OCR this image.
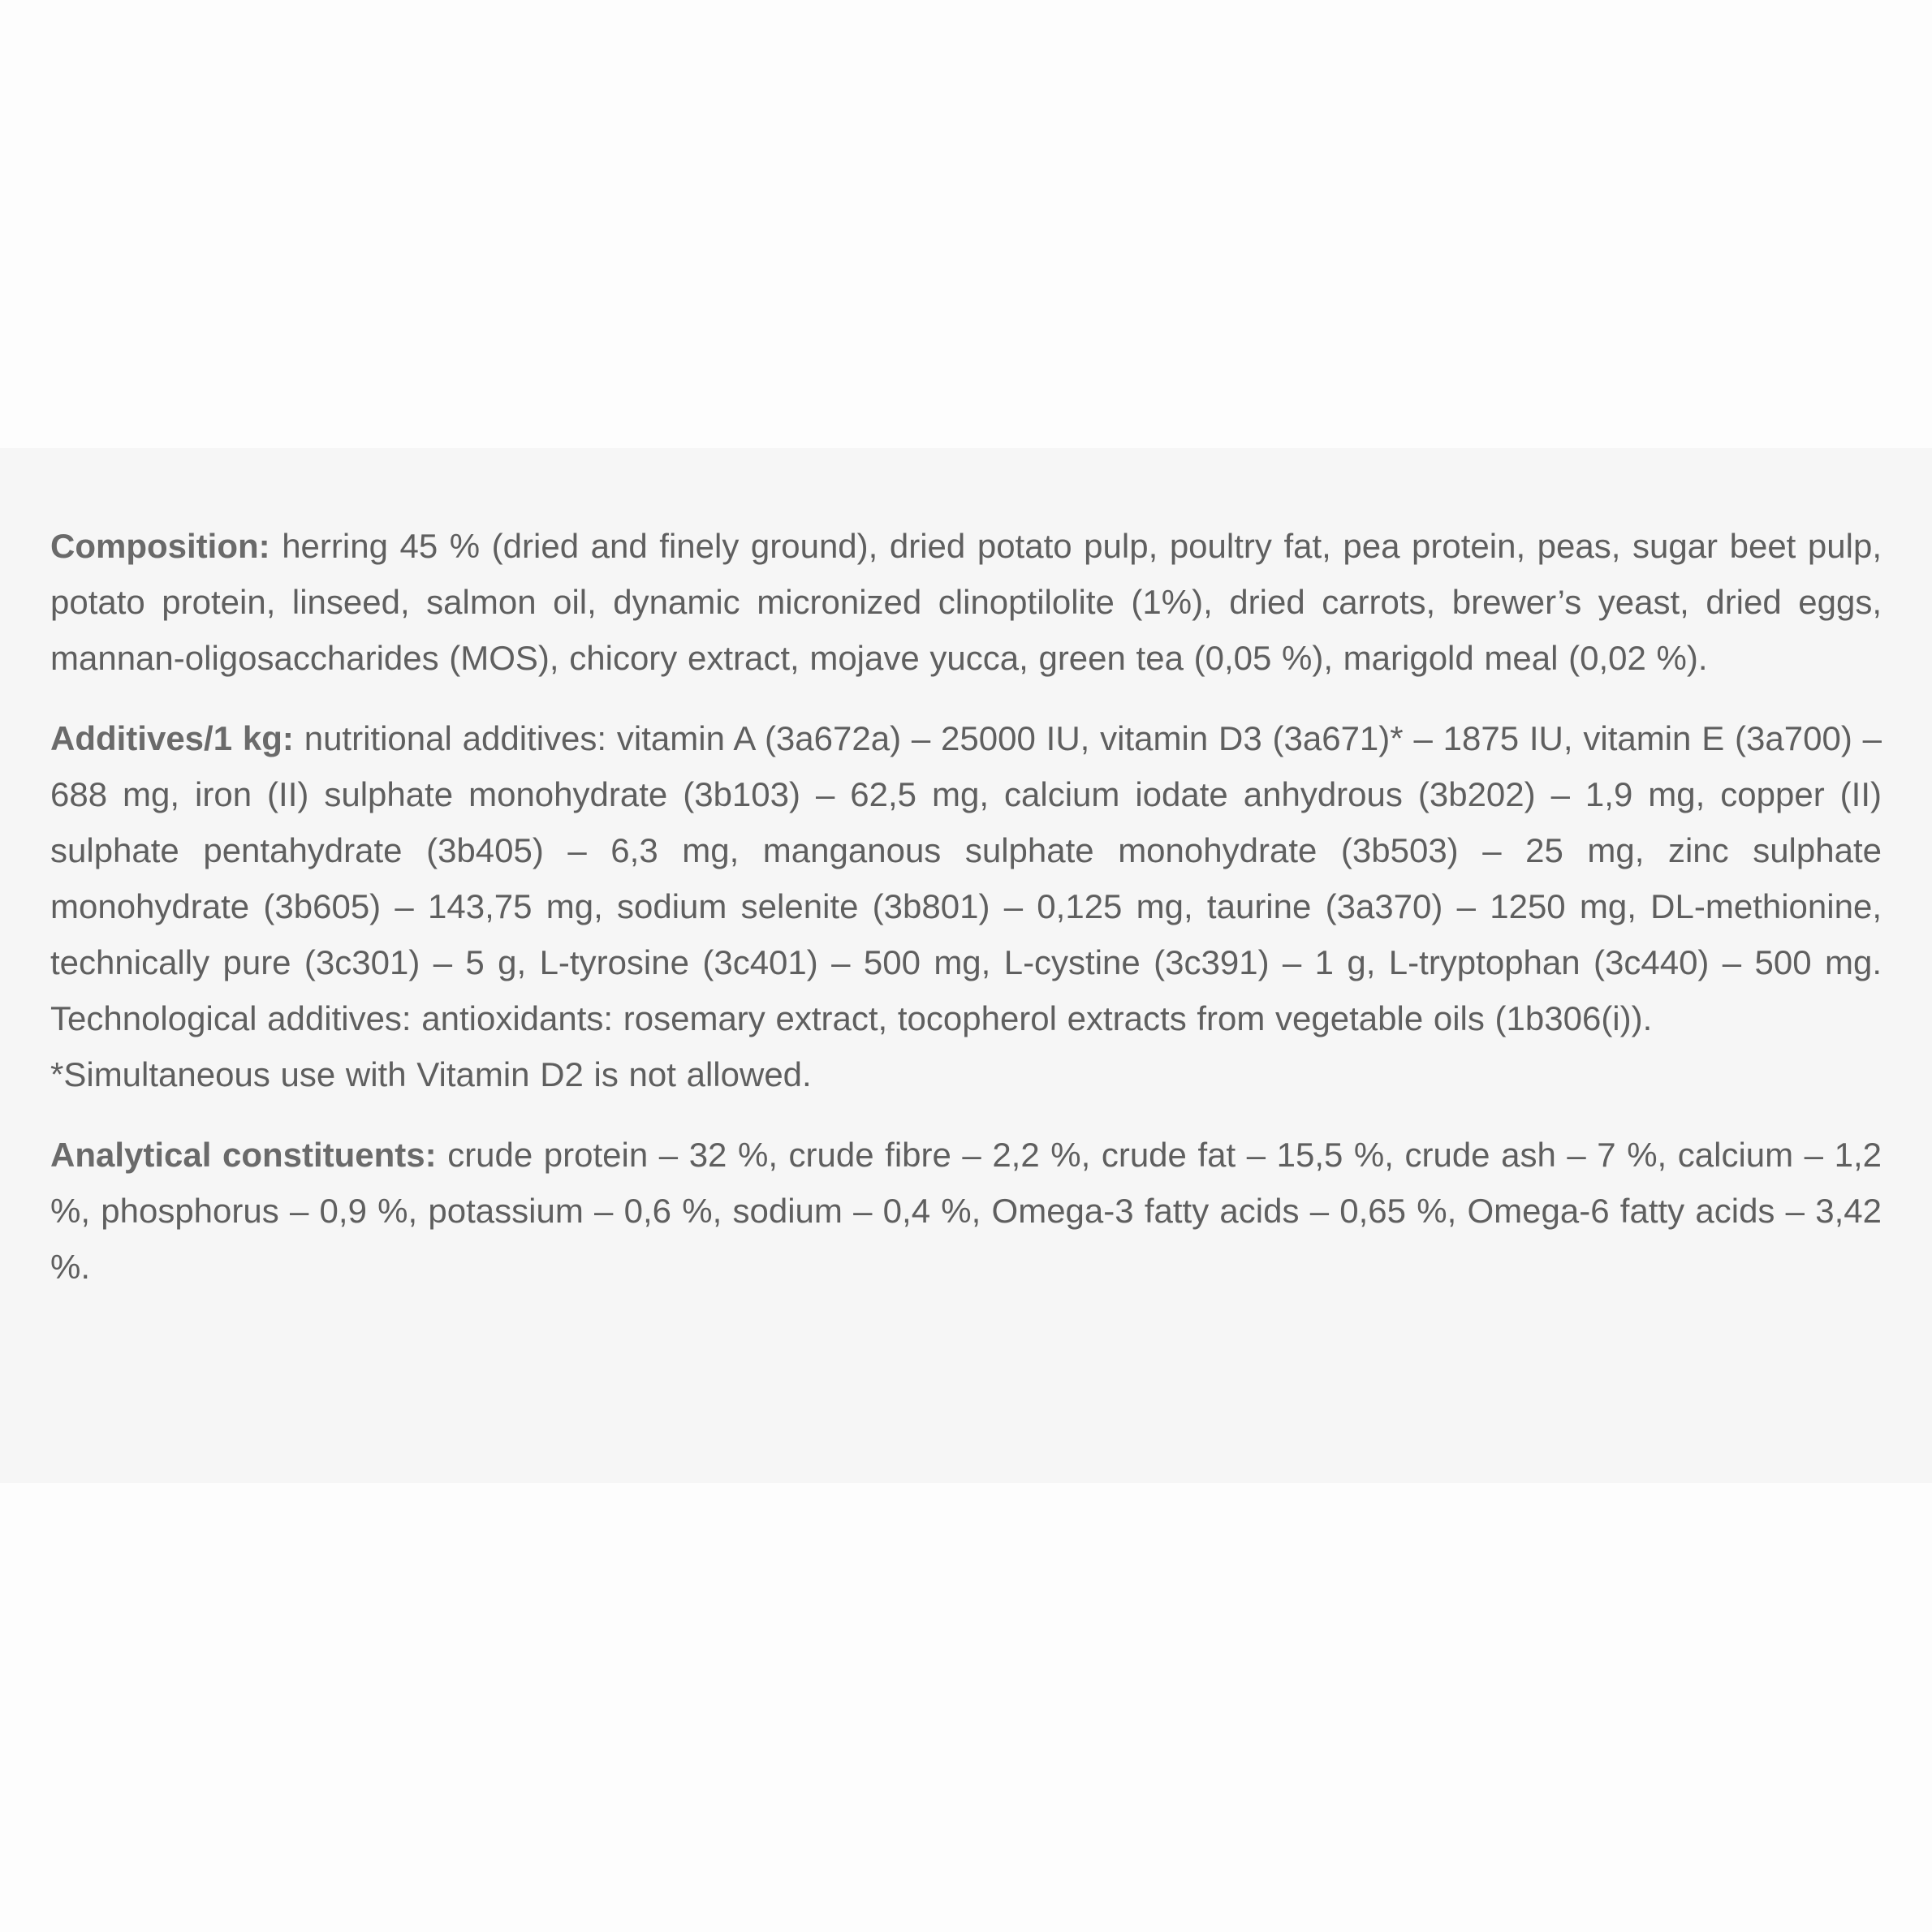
Composition: herring 45 % (dried and finely ground), dried potato pulp, poultry fat, pea protein, peas, sugar beet pulp, potato protein, linseed, salmon oil, dynamic micronized clinoptilolite (1%), dried carrots, brewer’s yeast, dried eggs, mannan-oligosaccharides (MOS), chicory extract, mojave yucca, green tea (0,05 %), marigold meal (0,02 %).

Additives/1 kg: nutritional additives: vitamin A (3a672a) – 25000 IU, vitamin D3 (3a671)* – 1875 IU, vitamin E (3a700) – 688 mg, iron (II) sulphate monohydrate (3b103) – 62,5 mg, calcium iodate anhydrous (3b202) – 1,9 mg, copper (II) sulphate pentahydrate (3b405) – 6,3 mg, manganous sulphate monohydrate (3b503) – 25 mg, zinc sulphate monohydrate (3b605) – 143,75 mg, sodium selenite (3b801) – 0,125 mg, taurine (3a370) – 1250 mg, DL-methionine, technically pure (3c301) – 5 g, L-tyrosine (3c401) – 500 mg, L-cystine (3c391) – 1 g, L-tryptophan (3c440) – 500 mg. Technological additives: antioxidants: rosemary extract, tocopherol extracts from vegetable oils (1b306(i)).
*Simultaneous use with Vitamin D2 is not allowed.

Analytical constituents: crude protein – 32 %, crude fibre – 2,2 %, crude fat – 15,5 %, crude ash – 7 %, calcium – 1,2 %, phosphorus – 0,9 %, potassium – 0,6 %, sodium – 0,4 %, Omega-3 fatty acids – 0,65 %, Omega-6 fatty acids – 3,42 %.
